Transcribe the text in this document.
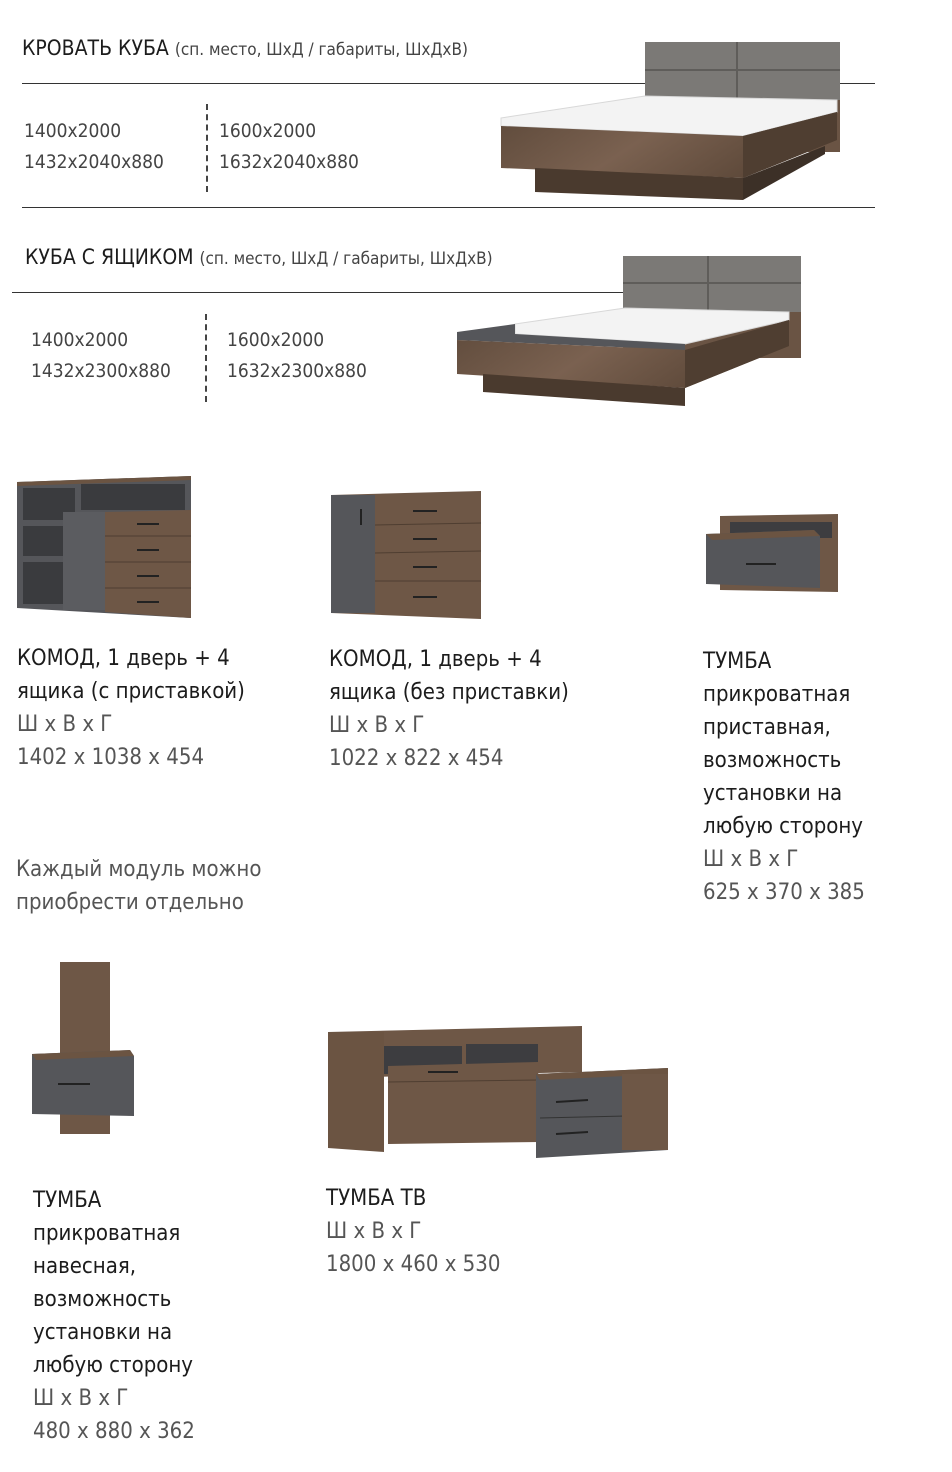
КРОВАТЬ КУБА (сп. место, ШхД / габариты, ШхДхВ)
1400x2000
1432x2040x880
1600x2000
1632x2040x880
КУБА С ЯЩИКОМ (сп. место, ШхД / габариты, ШхДхВ)
1400x2000
1432x2300x880
1600x2000
1632x2300x880
КОМОД, 1 дверь + 4
ящика (с приставкой)
Ш х В х Г
1402 х 1038 х 454
КОМОД, 1 дверь + 4
ящика (без приставки)
Ш х В х Г
1022 х 822 х 454
ТУМБА
прикроватная
приставная,
возможность
установки на
любую сторону
Ш х В х Г
625 х 370 х 385
Каждый модуль можно
приобрести отдельно
ТУМБА
прикроватная
навесная,
возможность
установки на
любую сторону
Ш х В х Г
480 х 880 х 362
ТУМБА ТВ
Ш х В х Г
1800 х 460 х 530
